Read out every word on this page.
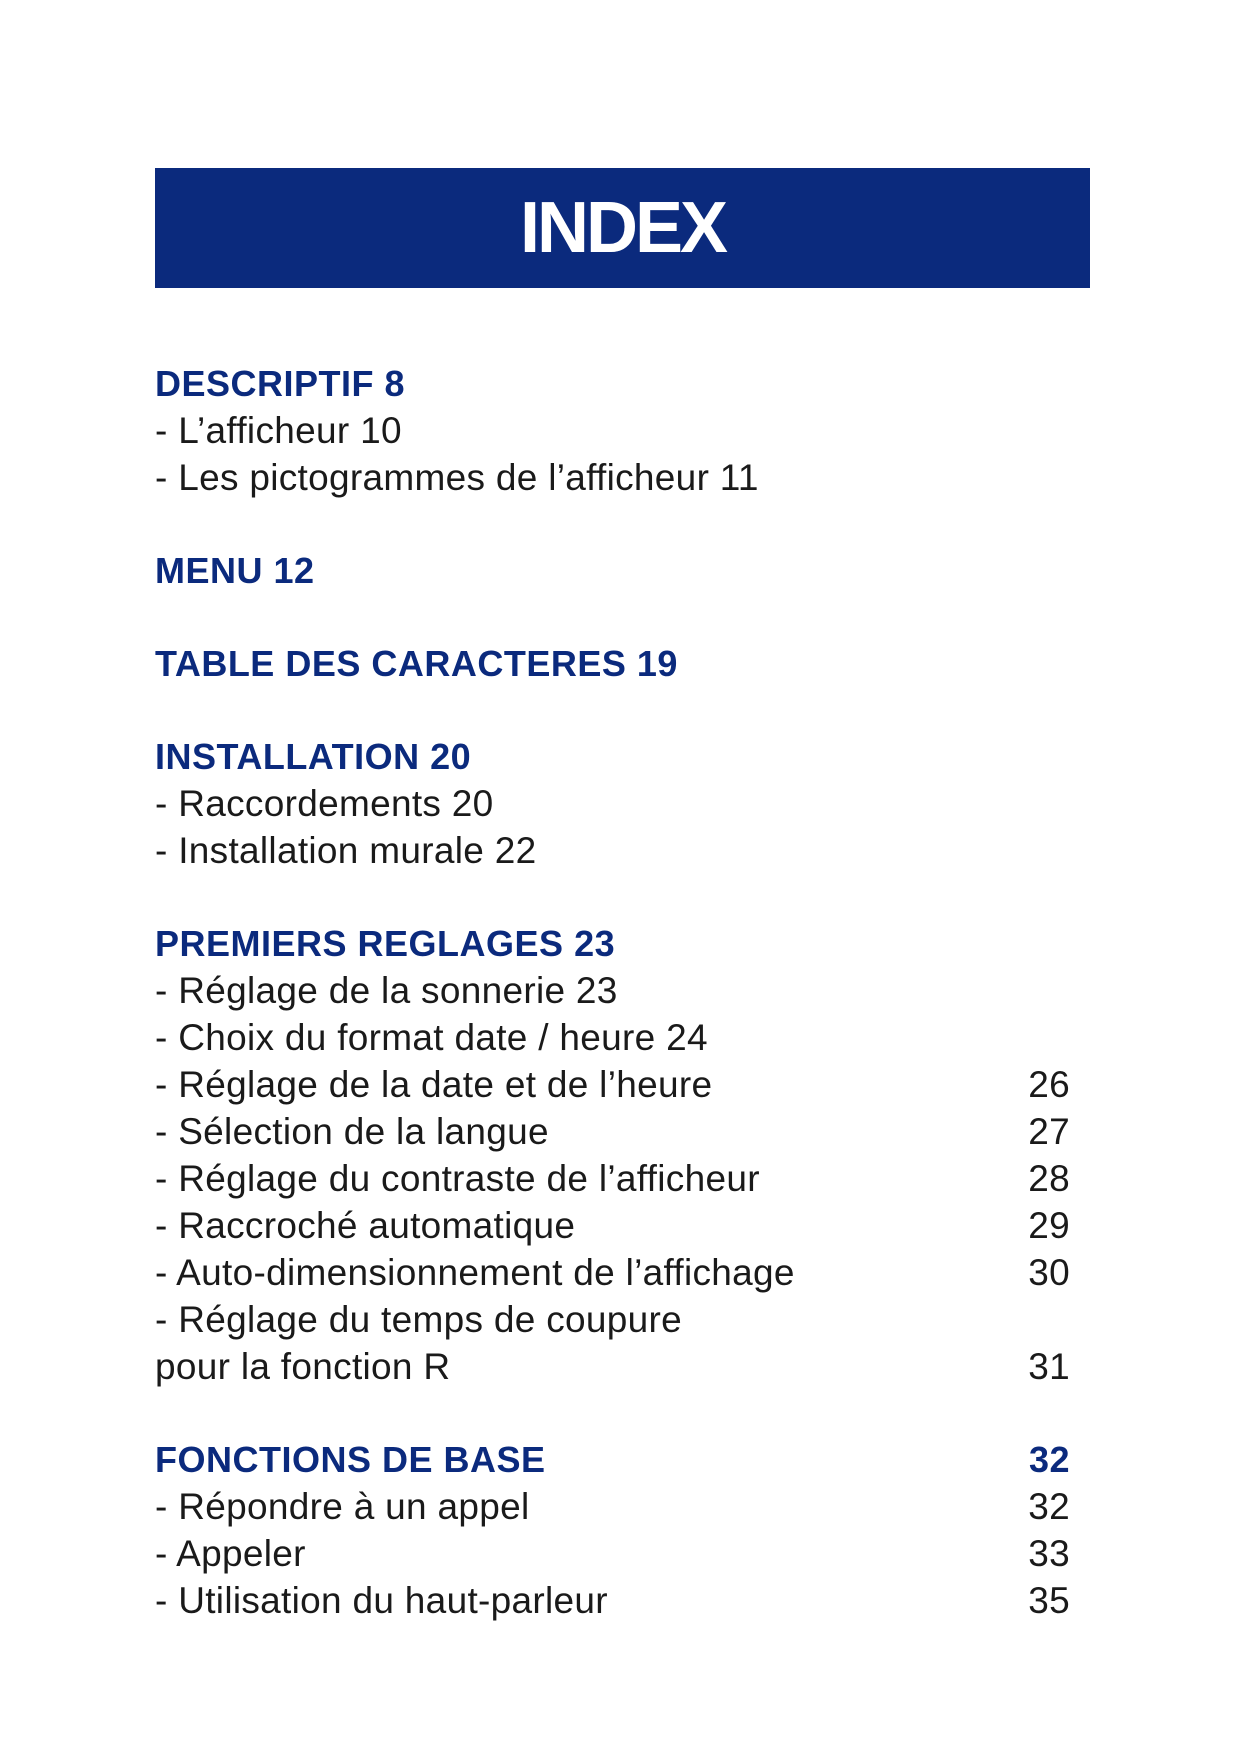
INDEX
DESCRIPTIF 8
- L’afficheur 10
- Les pictogrammes de l’afficheur 11
MENU 12
TABLE DES CARACTERES 19
INSTALLATION 20
- Raccordements 20
- Installation murale 22
PREMIERS REGLAGES 23
- Réglage de la sonnerie 23
- Choix du format date / heure 24
- Réglage de la date et de l’heure	26
- Sélection de la langue	27
- Réglage du contraste de l’afficheur	28
- Raccroché automatique	29
- Auto-dimensionnement de l’affichage	30
- Réglage du temps de coupure
pour la fonction R	31
FONCTIONS DE BASE	32
- Répondre à un appel	32
- Appeler	33
- Utilisation du haut-parleur	35
